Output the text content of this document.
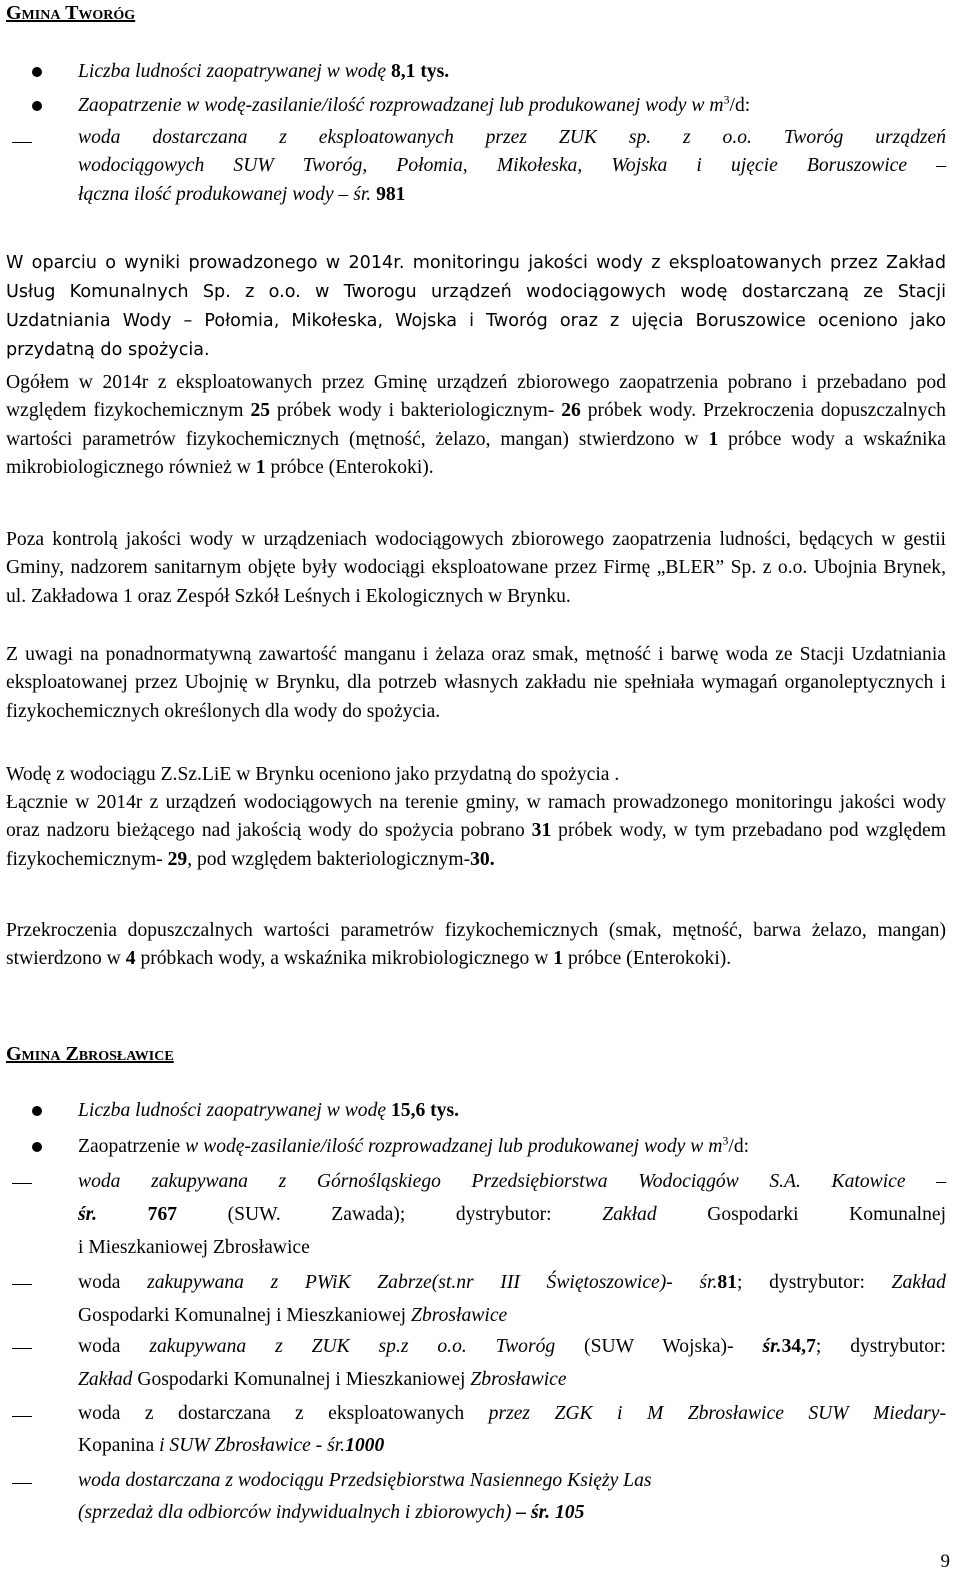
Gmina Tworóg
Liczba ludności zaopatrywanej w wodę 8,1 tys.
Zaopatrzenie w wodę-zasilanie/ilość rozprowadzanej lub produkowanej wody w $m^3/d$:
woda dostarczana z eksploatowanych przez ZUK sp. z o.o. Tworóg urządzeń
wodociągowych SUW Tworóg, Połomia, Mikołeska, Wojska i ujęcie Boruszowice –
łączna ilość produkowanej wody – śr. 981
W oparciu o wyniki prowadzonego w 2014r. monitoringu jakości wody z eksploatowanych przez Zakład Usług Komunalnych Sp. z o.o. w Tworogu urządzeń wodociągowych wodę dostarczaną ze Stacji Uzdatniania Wody – Połomia, Mikołeska, Wojska i Tworóg oraz z ujęcia Boruszowice oceniono jako przydatną do spożycia.
Ogółem w 2014r z eksploatowanych przez Gminę urządzeń zbiorowego zaopatrzenia pobrano i przebadano pod względem fizykochemicznym 25 próbek wody i bakteriologicznym- 26 próbek wody. Przekroczenia dopuszczalnych wartości parametrów fizykochemicznych (mętność, żelazo, mangan) stwierdzono w 1 próbce wody a wskaźnika mikrobiologicznego również w 1 próbce (Enterokoki).
Poza kontrolą jakości wody w urządzeniach wodociągowych zbiorowego zaopatrzenia ludności, będących w gestii Gminy, nadzorem sanitarnym objęte były wodociągi eksploatowane przez Firmę „BLER” Sp. z o.o. Ubojnia Brynek, ul. Zakładowa 1 oraz Zespół Szkół Leśnych i Ekologicznych w Brynku.
Z uwagi na ponadnormatywną zawartość manganu i żelaza oraz smak, mętność i barwę woda ze Stacji Uzdatniania eksploatowanej przez Ubojnię w Brynku, dla potrzeb własnych zakładu nie spełniała wymagań organoleptycznych i fizykochemicznych określonych dla wody do spożycia.
Wodę z wodociągu Z.Sz.LiE w Brynku oceniono jako przydatną do spożycia .
Łącznie w 2014r z urządzeń wodociągowych na terenie gminy, w ramach prowadzonego monitoringu jakości wody oraz nadzoru bieżącego nad jakością wody do spożycia pobrano 31 próbek wody, w tym przebadano pod względem fizykochemicznym- 29, pod względem bakteriologicznym-30.
Przekroczenia dopuszczalnych wartości parametrów fizykochemicznych (smak, mętność, barwa żelazo, mangan) stwierdzono w 4 próbkach wody, a wskaźnika mikrobiologicznego w 1 próbce (Enterokoki).
Gmina Zbrosławice
Liczba ludności zaopatrywanej w wodę 15,6 tys.
Zaopatrzenie w wodę-zasilanie/ilość rozprowadzanej lub produkowanej wody w $m^3/d$:
woda zakupywana z Górnośląskiego Przedsiębiorstwa Wodociągów S.A. Katowice –
śr.	767	(SUW. Zawada); dystrybutor:	Zakład	Gospodarki Komunalnej
i Mieszkaniowej Zbrosławice
woda zakupywana z PWiK Zabrze(st.nr III Świętoszowice)- śr.81; dystrybutor: Zakład
Gospodarki Komunalnej i Mieszkaniowej Zbrosławice
woda zakupywana z ZUK sp.z o.o. Tworóg (SUW Wojska)- śr.34,7; dystrybutor:
Zakład Gospodarki Komunalnej i Mieszkaniowej Zbrosławice
woda z dostarczana z eksploatowanych przez ZGK i M Zbrosławice SUW Miedary-
Kopanina i SUW Zbrosławice - śr.1000
woda dostarczana z wodociągu Przedsiębiorstwa Nasiennego Księży Las
(sprzedaż dla odbiorców indywidualnych i zbiorowych) – śr. 105
9
